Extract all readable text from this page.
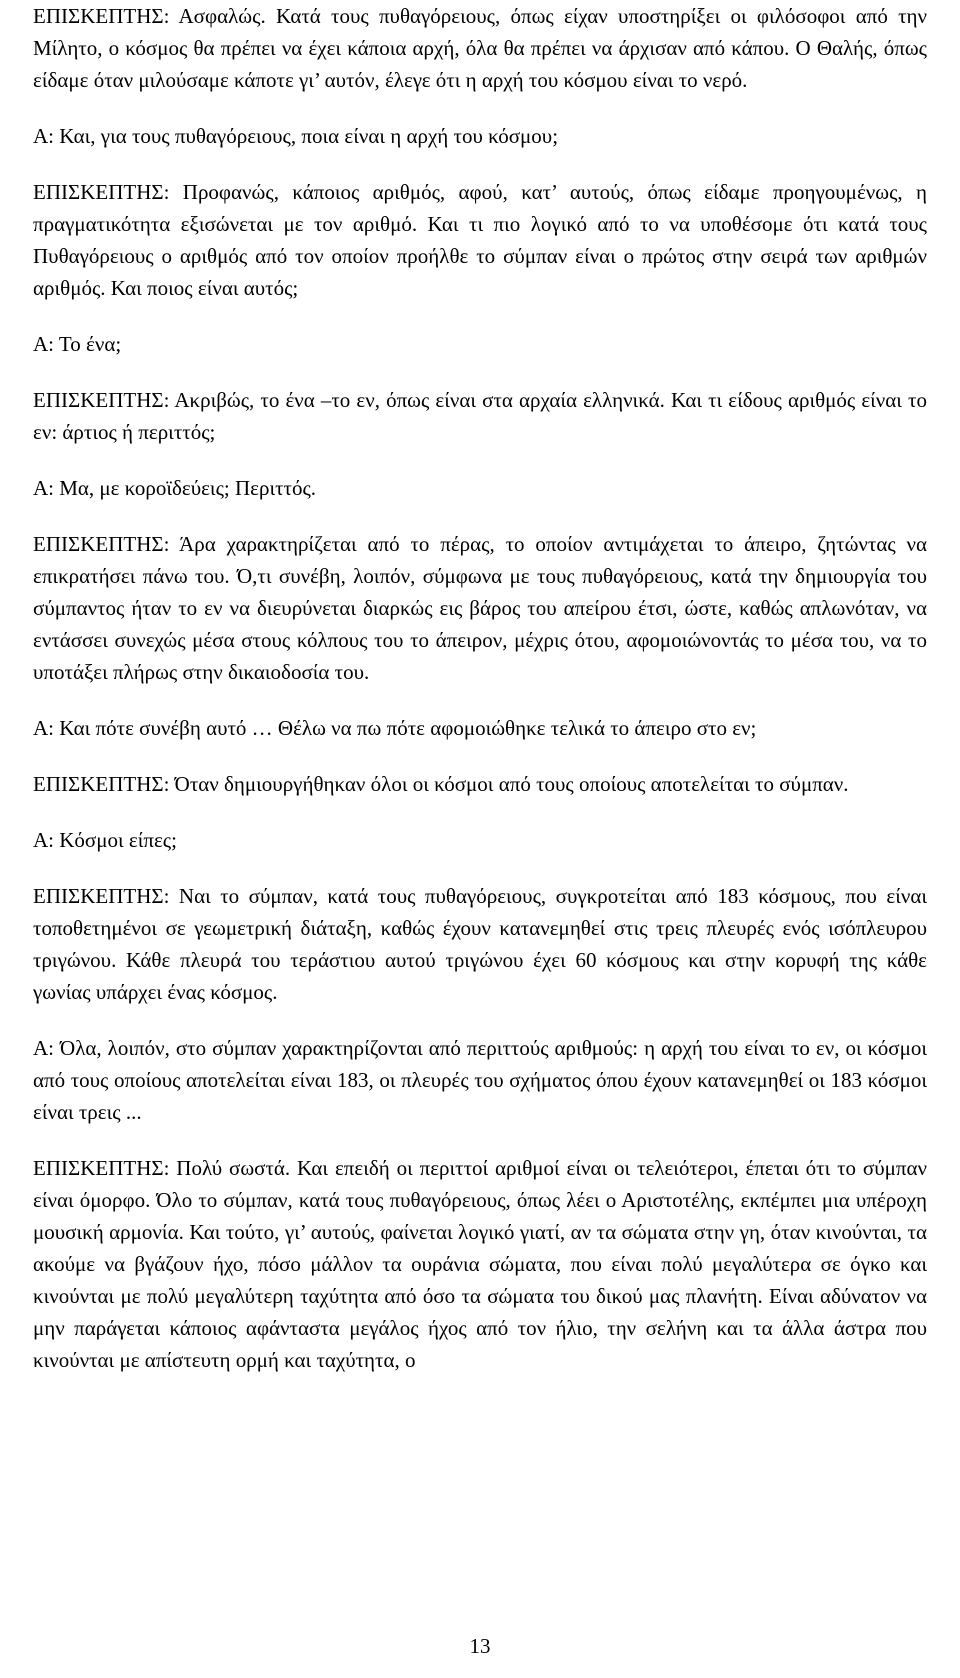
ΕΠΙΣΚΕΠΤΗΣ: Ασφαλώς. Κατά τους πυθαγόρειους, όπως είχαν υποστηρίξει οι φιλόσοφοι από την Μίλητο, ο κόσμος θα πρέπει να έχει κάποια αρχή, όλα θα πρέπει να άρχισαν από κάπου. Ο Θαλής, όπως είδαμε όταν μιλούσαμε κάποτε γι’ αυτόν, έλεγε ότι η αρχή του κόσμου είναι το νερό.

Α: Και, για τους πυθαγόρειους, ποια είναι η αρχή του κόσμου;

ΕΠΙΣΚΕΠΤΗΣ: Προφανώς, κάποιος αριθμός, αφού, κατ’ αυτούς, όπως είδαμε προηγουμένως, η πραγματικότητα εξισώνεται με τον αριθμό. Και τι πιο λογικό από το να υποθέσομε ότι κατά τους Πυθαγόρειους ο αριθμός από τον οποίον προήλθε το σύμπαν είναι ο πρώτος στην σειρά των αριθμών αριθμός. Και ποιος είναι αυτός;

Α: Το ένα;

ΕΠΙΣΚΕΠΤΗΣ: Ακριβώς, το ένα –το εν, όπως είναι στα αρχαία ελληνικά. Και τι είδους αριθμός είναι το εν: άρτιος ή περιττός;

Α: Μα, με κοροϊδεύεις; Περιττός.

ΕΠΙΣΚΕΠΤΗΣ: Άρα χαρακτηρίζεται από το πέρας, το οποίον αντιμάχεται το άπειρο, ζητώντας να επικρατήσει πάνω του. Ό,τι συνέβη, λοιπόν, σύμφωνα με τους πυθαγόρειους, κατά την δημιουργία του σύμπαντος ήταν το εν να διευρύνεται διαρκώς εις βάρος του απείρου έτσι, ώστε, καθώς απλωνόταν, να εντάσσει συνεχώς μέσα στους κόλπους του το άπειρον, μέχρις ότου, αφομοιώνοντάς το μέσα του, να το υποτάξει πλήρως στην δικαιοδοσία του.

Α: Και πότε συνέβη αυτό … Θέλω να πω πότε αφομοιώθηκε τελικά το άπειρο στο εν;

ΕΠΙΣΚΕΠΤΗΣ: Όταν δημιουργήθηκαν όλοι οι κόσμοι από τους οποίους αποτελείται το σύμπαν.

Α: Κόσμοι είπες;

ΕΠΙΣΚΕΠΤΗΣ: Ναι το σύμπαν, κατά τους πυθαγόρειους, συγκροτείται από 183 κόσμους, που είναι τοποθετημένοι σε γεωμετρική διάταξη, καθώς έχουν κατανεμηθεί στις τρεις πλευρές ενός ισόπλευρου τριγώνου. Κάθε πλευρά του τεράστιου αυτού τριγώνου έχει 60 κόσμους και στην κορυφή της κάθε γωνίας υπάρχει ένας κόσμος.

Α: Όλα, λοιπόν, στο σύμπαν χαρακτηρίζονται από περιττούς αριθμούς: η αρχή του είναι το εν, οι κόσμοι από τους οποίους αποτελείται είναι 183, οι πλευρές του σχήματος όπου έχουν κατανεμηθεί οι 183 κόσμοι είναι τρεις ...

ΕΠΙΣΚΕΠΤΗΣ: Πολύ σωστά. Και επειδή οι περιττοί αριθμοί είναι οι τελειότεροι, έπεται ότι το σύμπαν είναι όμορφο. Όλο το σύμπαν, κατά τους πυθαγόρειους, όπως λέει ο Αριστοτέλης, εκπέμπει μια υπέροχη μουσική αρμονία. Και τούτο, γι’ αυτούς, φαίνεται λογικό γιατί, αν τα σώματα στην γη, όταν κινούνται, τα ακούμε να βγάζουν ήχο, πόσο μάλλον τα ουράνια σώματα, που είναι πολύ μεγαλύτερα σε όγκο και κινούνται με πολύ μεγαλύτερη ταχύτητα από όσο τα σώματα του δικού μας πλανήτη. Είναι αδύνατον να μην παράγεται κάποιος αφάνταστα μεγάλος ήχος από τον ήλιο, την σελήνη και τα άλλα άστρα που κινούνται με απίστευτη ορμή και ταχύτητα, ο

13
